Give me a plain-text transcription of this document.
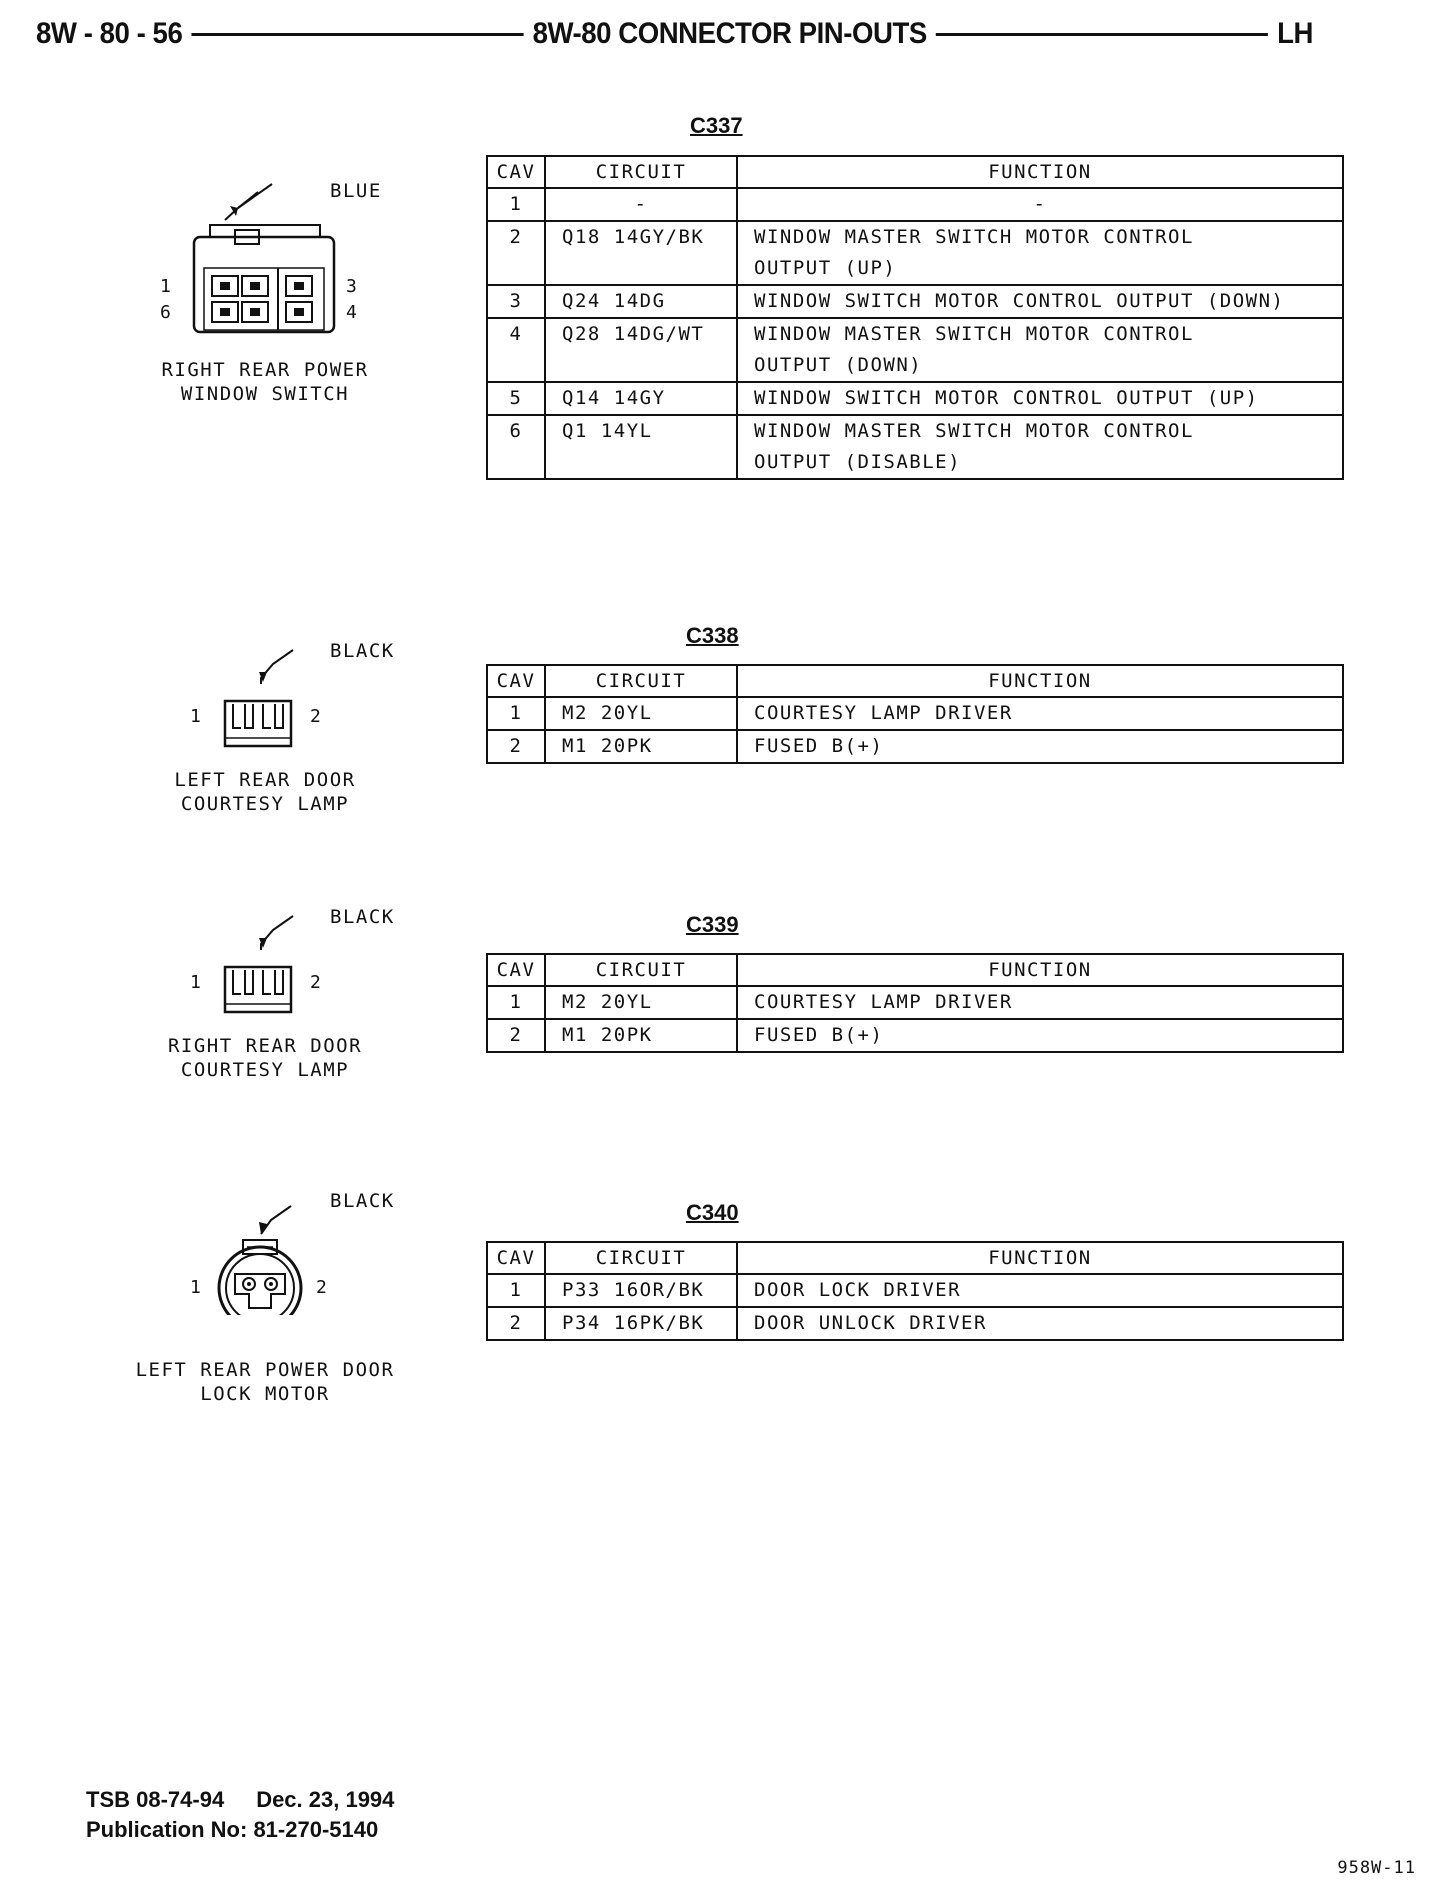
8W - 80 - 56	8W-80 CONNECTOR PIN-OUTS	LH
C337
CAV	CIRCUIT	FUNCTION
1	-	-
2	Q18 14GY/BK	WINDOW MASTER SWITCH MOTOR CONTROL
OUTPUT (UP)

3	Q24 14DG	WINDOW SWITCH MOTOR CONTROL OUTPUT (DOWN)
4	Q28 14DG/WT	WINDOW MASTER SWITCH MOTOR CONTROL
OUTPUT (DOWN)

5	Q14 14GY	WINDOW SWITCH MOTOR CONTROL OUTPUT (UP)
6	Q1 14YL	WINDOW MASTER SWITCH MOTOR CONTROL
OUTPUT (DISABLE)
BLUE
1
6
3
4
RIGHT REAR POWER
WINDOW SWITCH
C338
CAV	CIRCUIT	FUNCTION
1	M2 20YL	COURTESY LAMP DRIVER
2	M1 20PK	FUSED B(+)
BLACK
1	2
LEFT REAR DOOR
COURTESY LAMP
C339
CAV	CIRCUIT	FUNCTION
1	M2 20YL	COURTESY LAMP DRIVER
2	M1 20PK	FUSED B(+)
BLACK
1	2
RIGHT REAR DOOR
COURTESY LAMP
C340
CAV	CIRCUIT	FUNCTION
1	P33 16OR/BK	DOOR LOCK DRIVER
2	P34 16PK/BK	DOOR UNLOCK DRIVER
BLACK
1	2
LEFT REAR POWER DOOR
LOCK MOTOR
TSB 08-74-94 Dec. 23, 1994
Publication No: 81-270-5140
958W-11
